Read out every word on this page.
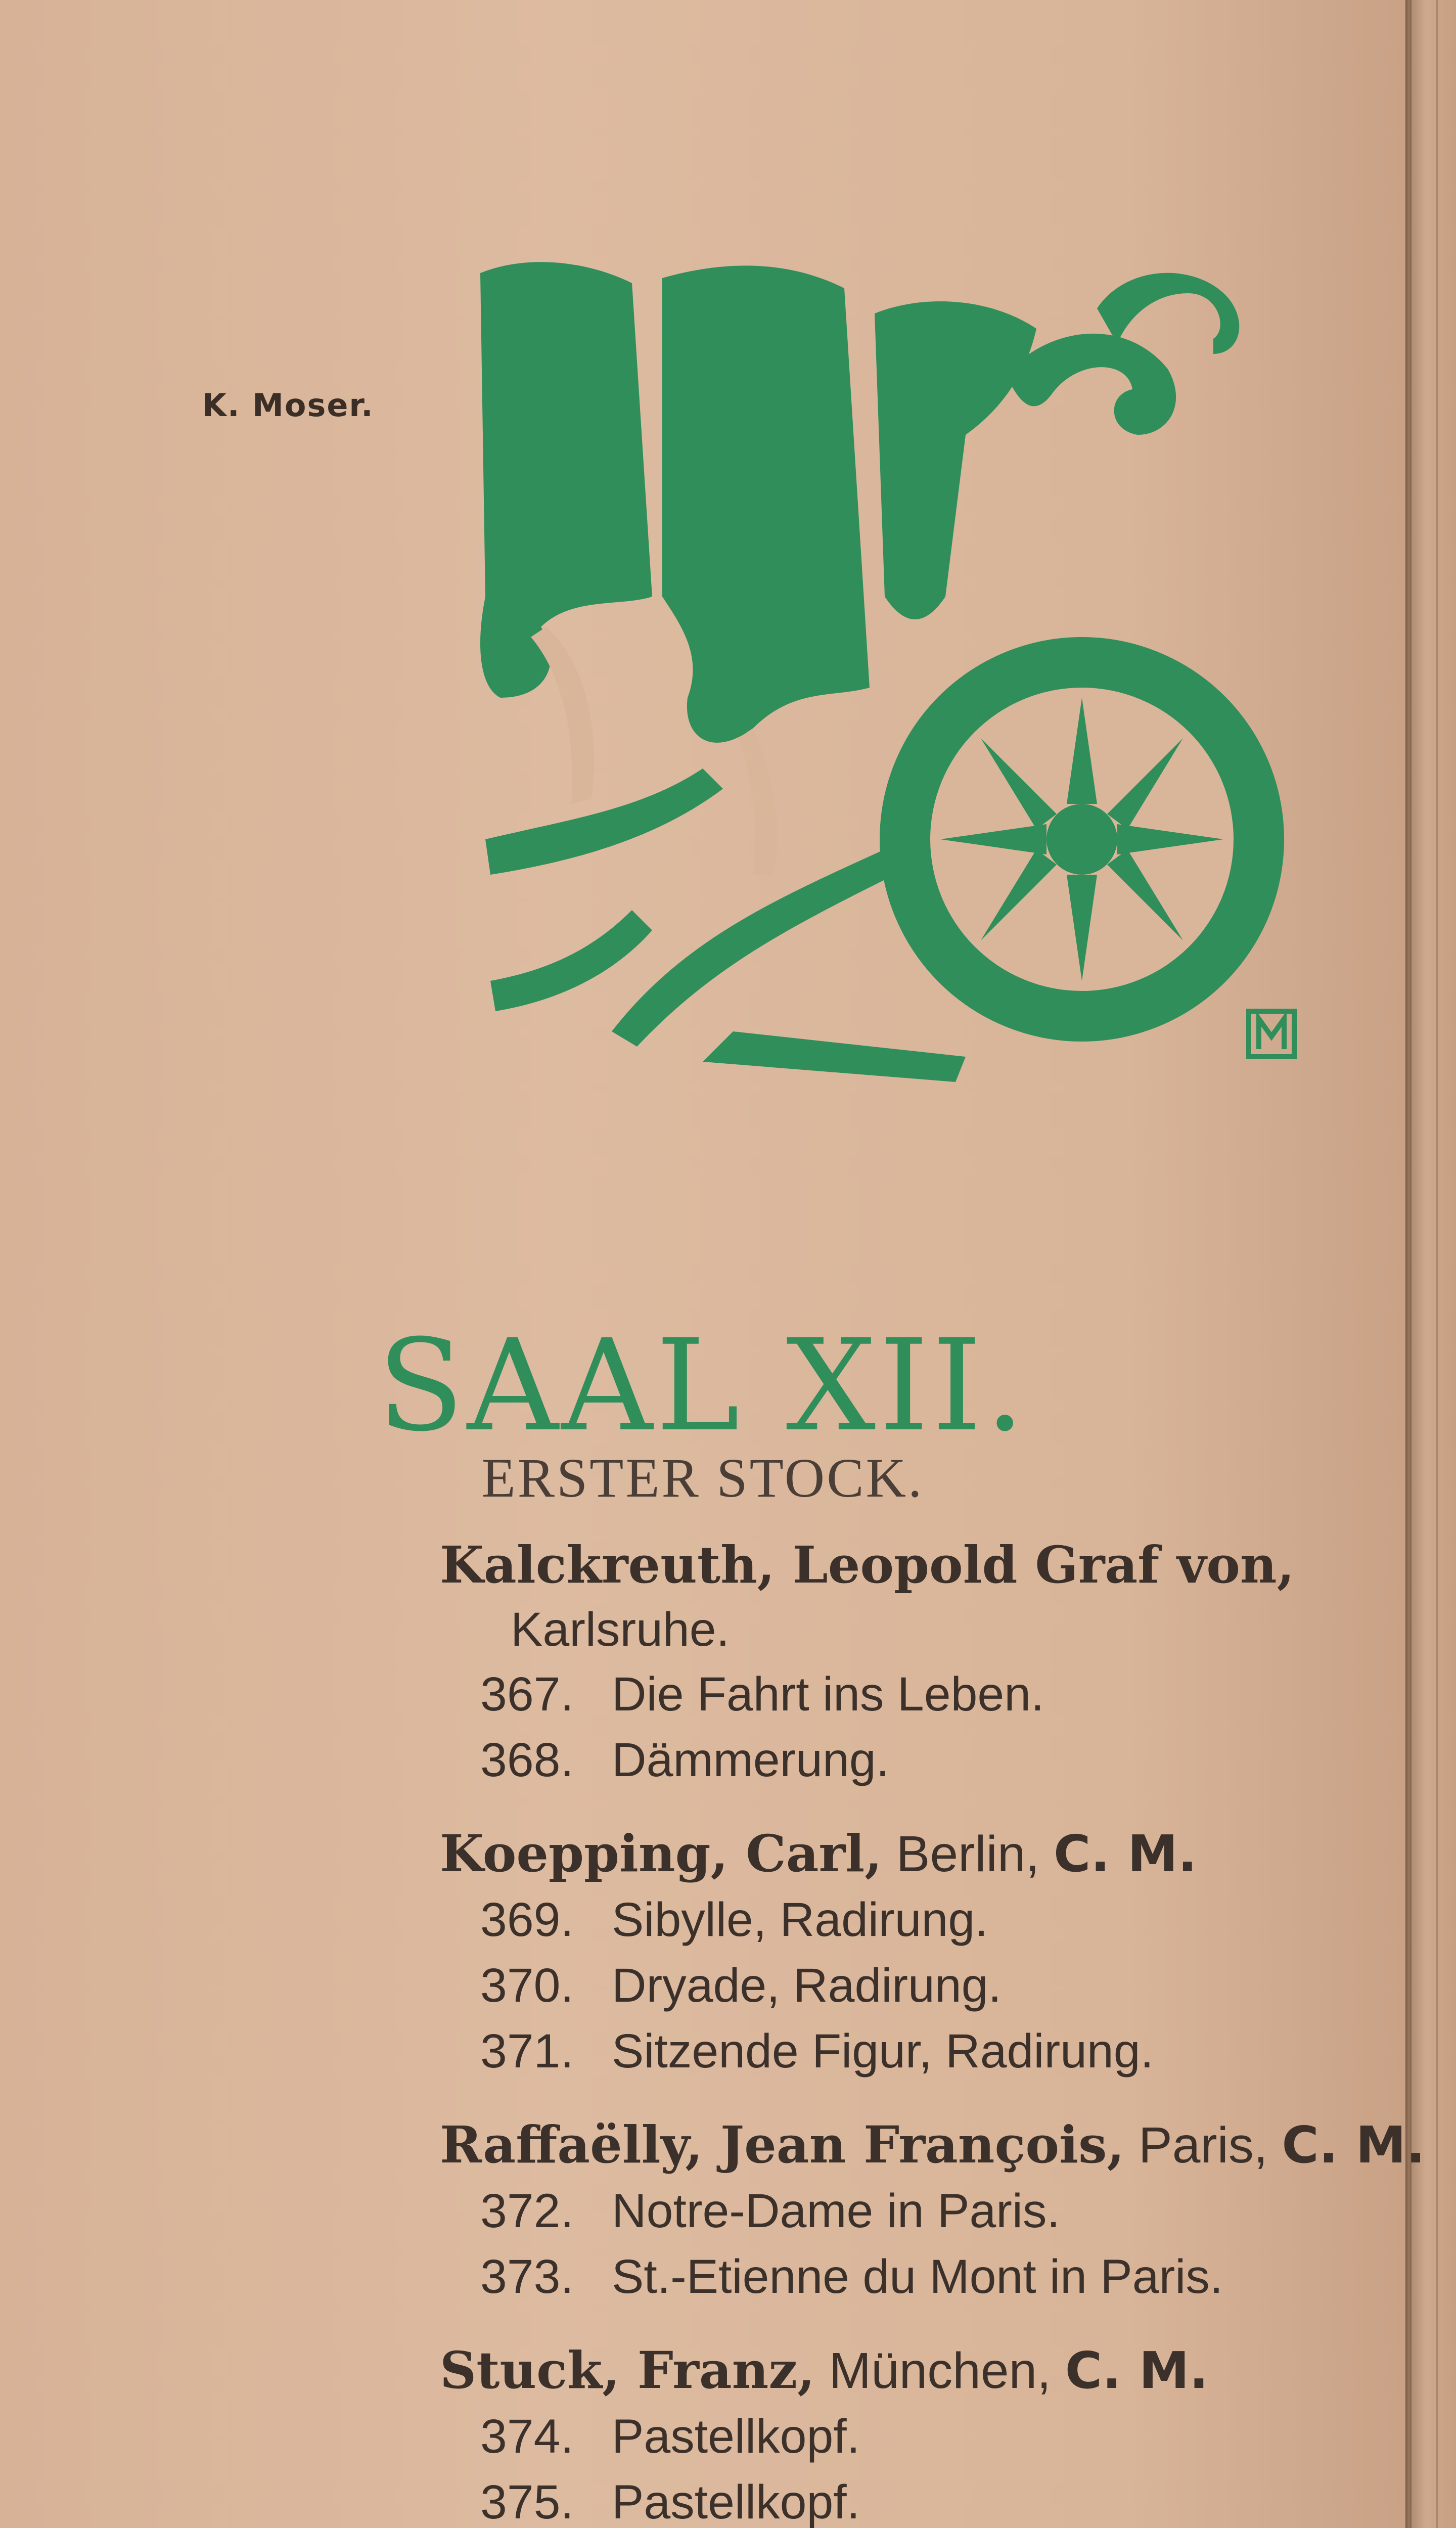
K. Moser.
SAAL XII.
ERSTER STOCK.
Kalckreuth, Leopold Graf von,
Karlsruhe.
367. Die Fahrt ins Leben.
368. Dämmerung.
Koepping, Carl, Berlin, C. M.
369. Sibylle, Radirung.
370. Dryade, Radirung.
371. Sitzende Figur, Radirung.
Raffaëlly, Jean François, Paris, C. M.
372. Notre-Dame in Paris.
373. St.-Etienne du Mont in Paris.
Stuck, Franz, München, C. M.
374. Pastellkopf.
375. Pastellkopf.
